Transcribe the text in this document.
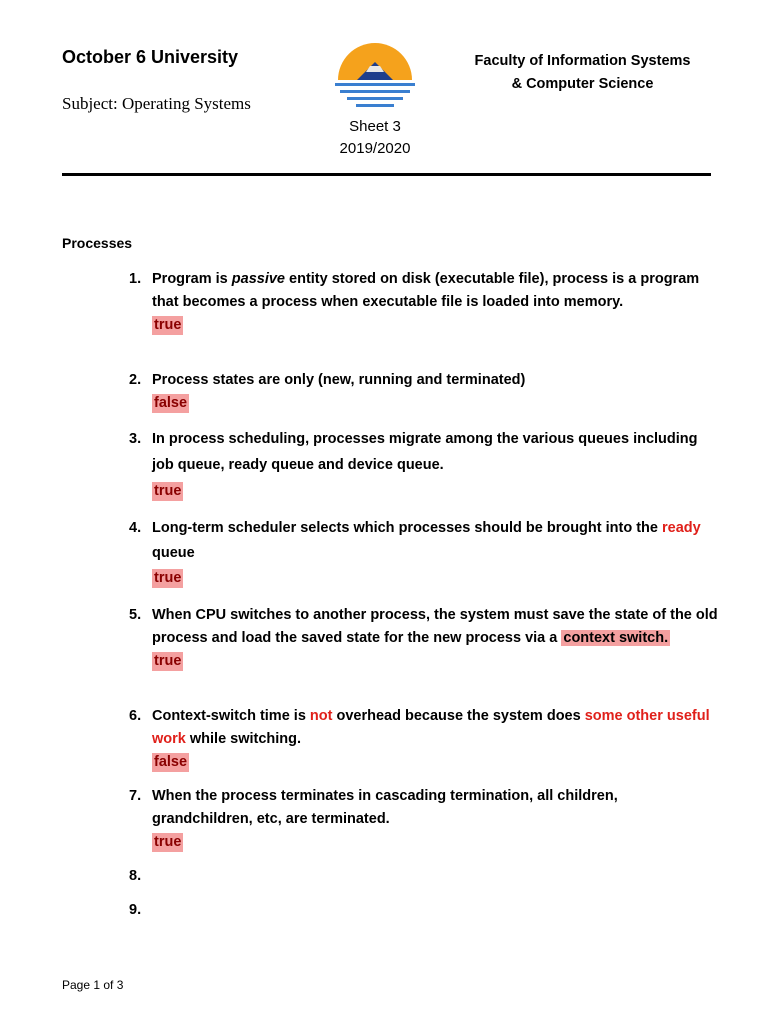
October 6 University
Subject: Operating Systems
Faculty of Information Systems
& Computer Science
Sheet 3
2019/2020
Processes
1. Program is passive entity stored on disk (executable file), process is a program that becomes a process when executable file is loaded into memory.
true
2. Process states are only (new, running and terminated)
false
3. In process scheduling, processes migrate among the various queues including job queue, ready queue and device queue.
true
4. Long-term scheduler selects which processes should be brought into the ready queue
true
5. When CPU switches to another process, the system must save the state of the old process and load the saved state for the new process via a context switch.
true
6. Context-switch time is not overhead because the system does some other useful work while switching.
false
7. When the process terminates in cascading termination, all children, grandchildren, etc, are terminated.
true
8.
9.
Page 1 of 3
